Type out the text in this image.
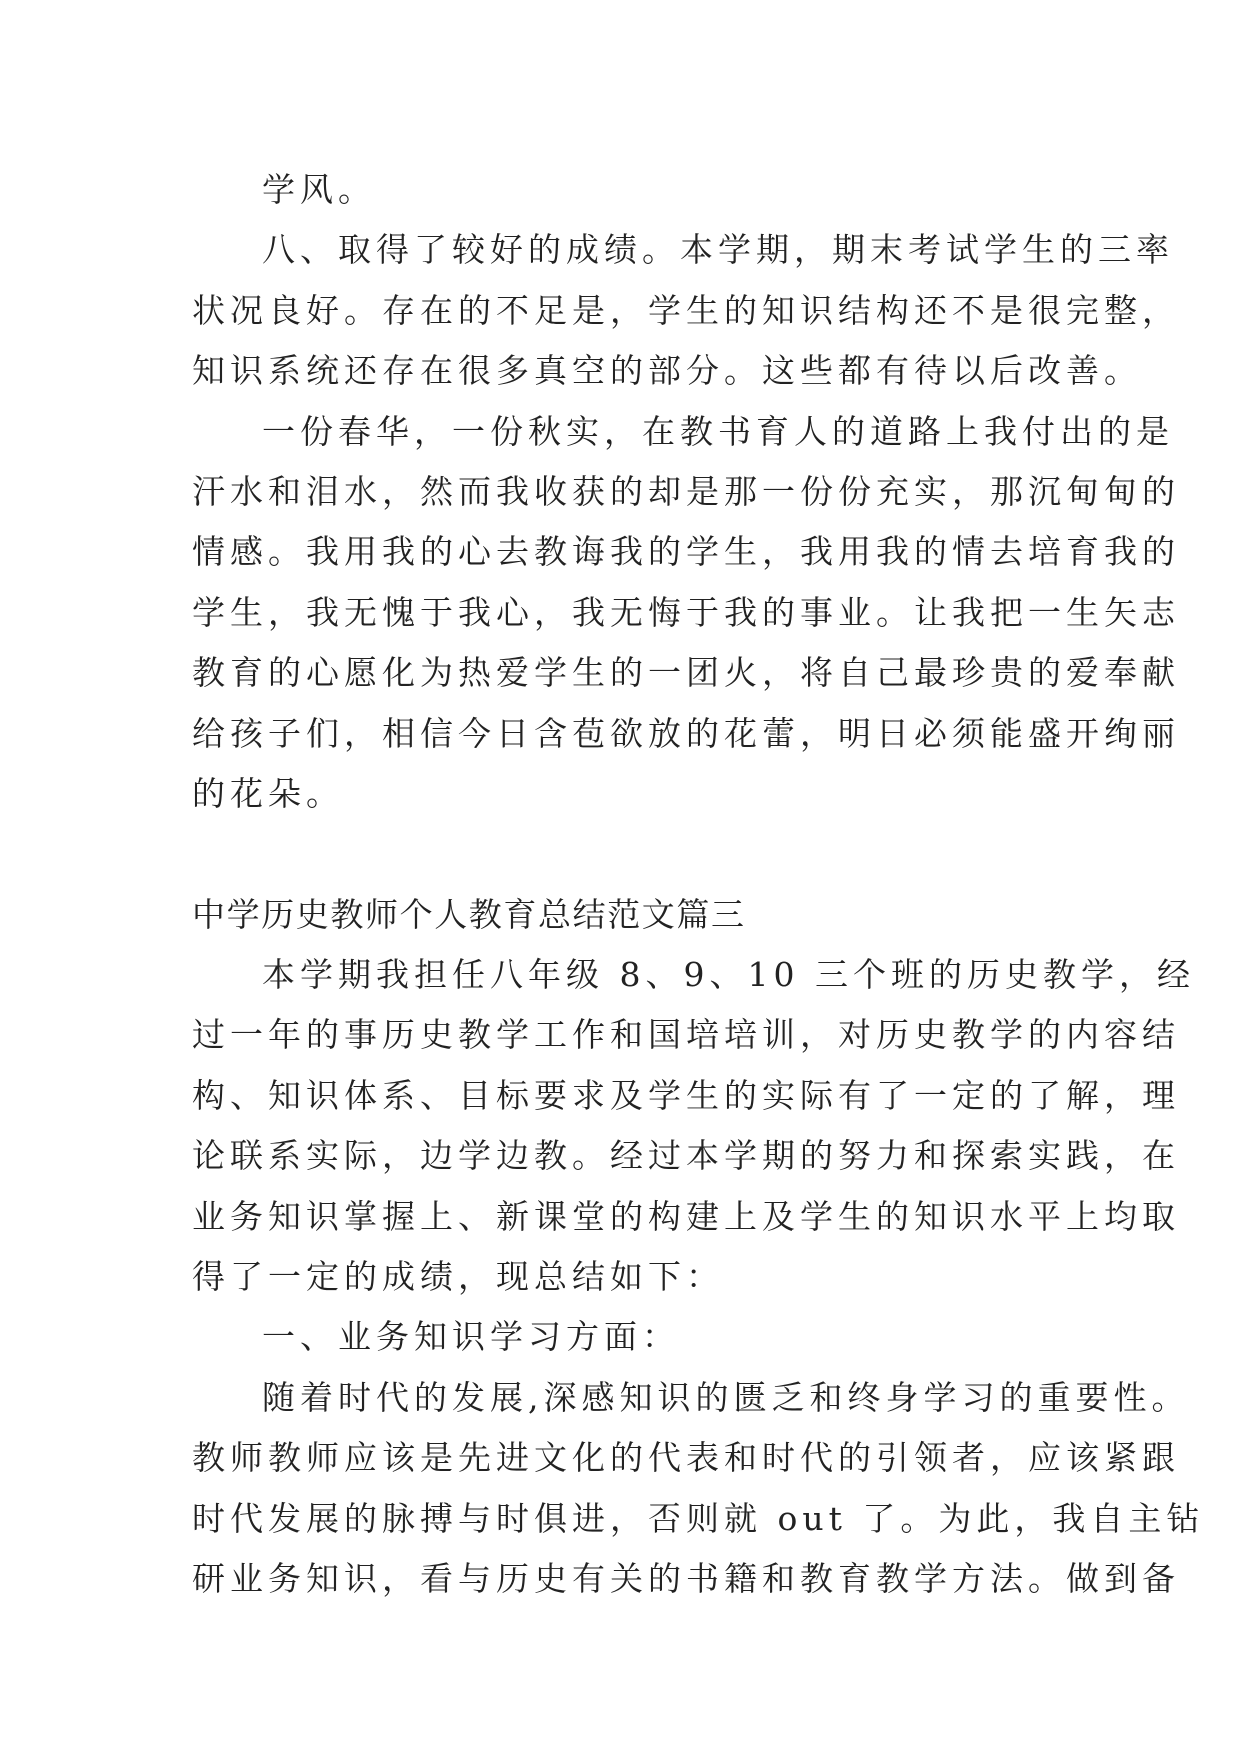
学风。
八、取得了较好的成绩。本学期，期末考试学生的三率
状况良好。存在的不足是，学生的知识结构还不是很完整，
知识系统还存在很多真空的部分。这些都有待以后改善。
一份春华，一份秋实，在教书育人的道路上我付出的是
汗水和泪水，然而我收获的却是那一份份充实，那沉甸甸的
情感。我用我的心去教诲我的学生，我用我的情去培育我的
学生，我无愧于我心，我无悔于我的事业。让我把一生矢志
教育的心愿化为热爱学生的一团火，将自己最珍贵的爱奉献
给孩子们，相信今日含苞欲放的花蕾，明日必须能盛开绚丽
的花朵。
中学历史教师个人教育总结范文篇三
本学期我担任八年级 8、9、10 三个班的历史教学，经
过一年的事历史教学工作和国培培训，对历史教学的内容结
构、知识体系、目标要求及学生的实际有了一定的了解，理
论联系实际，边学边教。经过本学期的努力和探索实践，在
业务知识掌握上、新课堂的构建上及学生的知识水平上均取
得了一定的成绩，现总结如下：
一、业务知识学习方面：
随着时代的发展,深感知识的匮乏和终身学习的重要性。
教师教师应该是先进文化的代表和时代的引领者，应该紧跟
时代发展的脉搏与时俱进，否则就 out 了。为此，我自主钻
研业务知识，看与历史有关的书籍和教育教学方法。做到备
